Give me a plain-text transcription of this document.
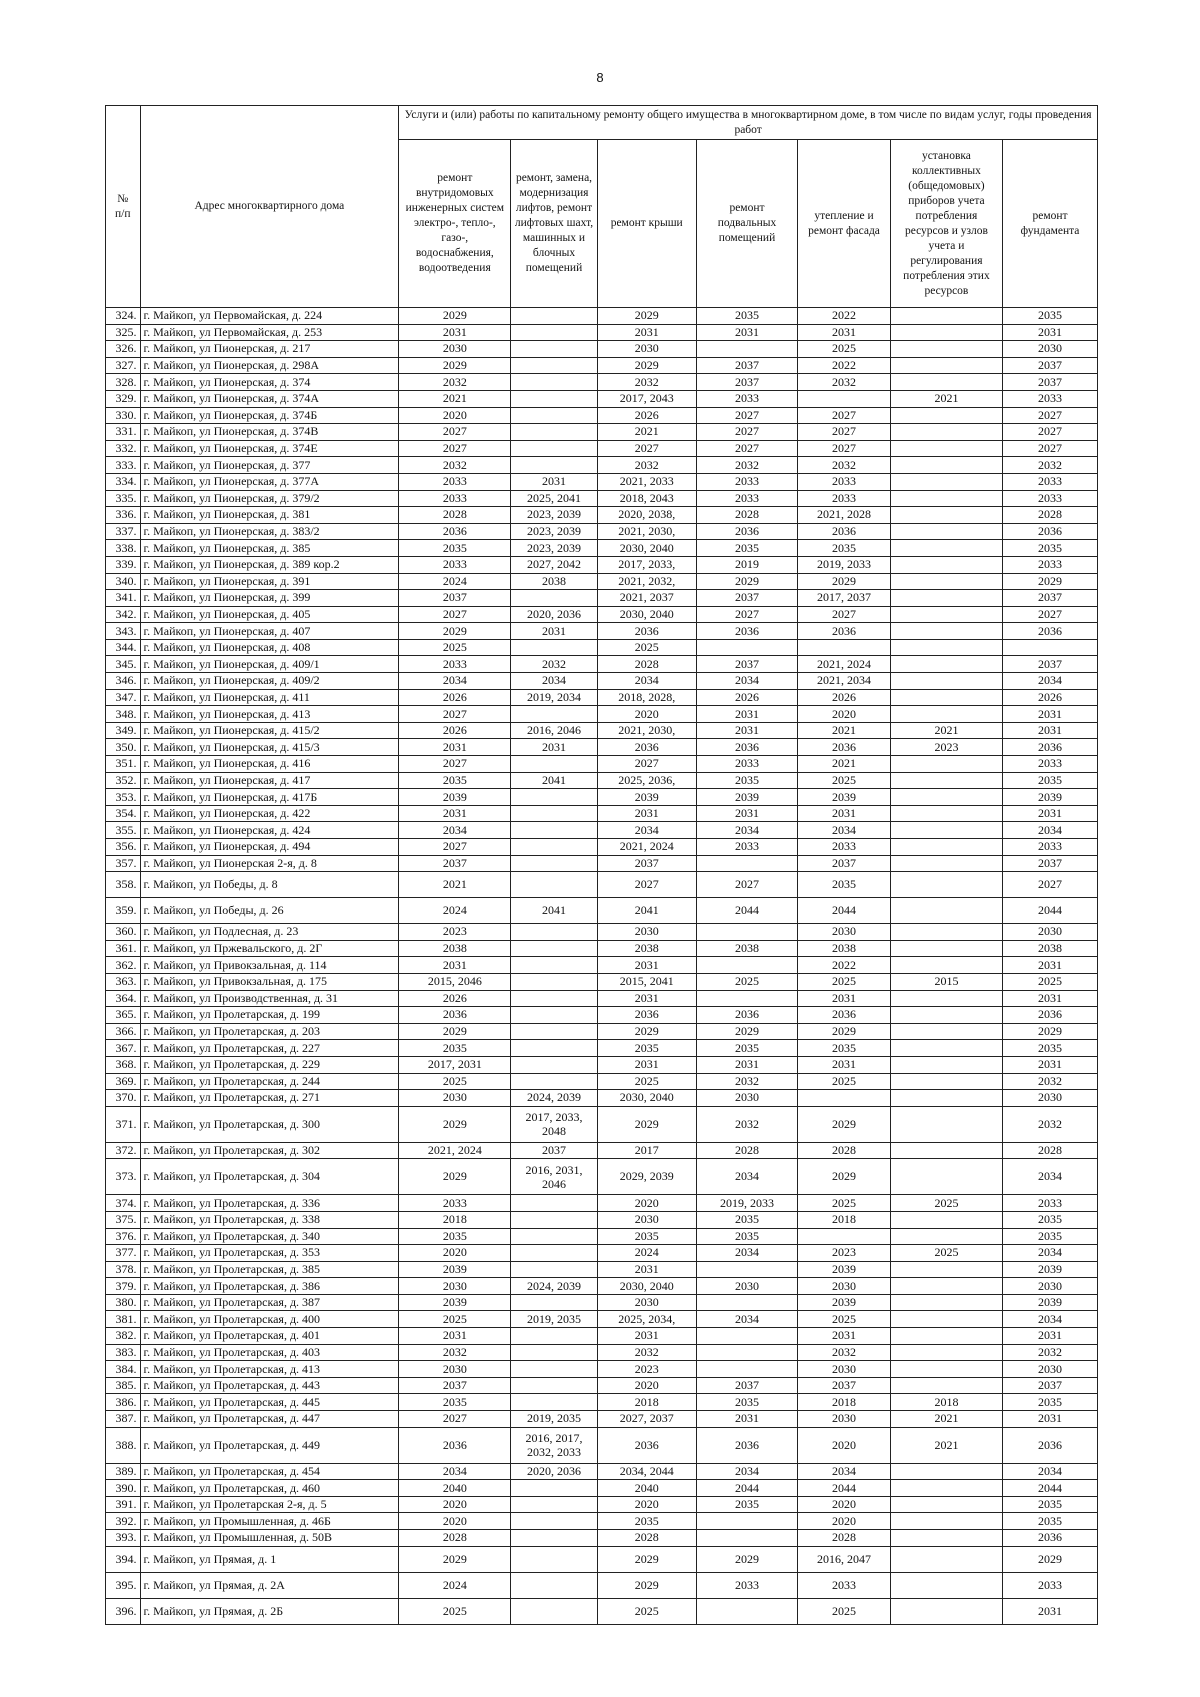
8
№
п/п	Адрес многоквартирного дома	Услуги и (или) работы по капитальному ремонту общего имущества в многоквартирном доме, в том числе по видам услуг, годы проведения работ						
		ремонт внутридомовых инженерных систем электро-, тепло-, газо-, водоснабжения, водоотведения	ремонт, замена, модернизация лифтов, ремонт лифтовых шахт, машинных и блочных помещений	ремонт крыши	ремонт подвальных помещений	утепление и ремонт фасада	установка коллективных (общедомовых) приборов учета потребления ресурсов и узлов учета и регулирования потребления этих ресурсов	ремонт фундамента
324.	г. Майкоп, ул Первомайская, д. 224	2029		2029	2035	2022		2035
325.	г. Майкоп, ул Первомайская, д. 253	2031		2031	2031	2031		2031
326.	г. Майкоп, ул Пионерская, д. 217	2030		2030		2025		2030
327.	г. Майкоп, ул Пионерская, д. 298А	2029		2029	2037	2022		2037
328.	г. Майкоп, ул Пионерская, д. 374	2032		2032	2037	2032		2037
329.	г. Майкоп, ул Пионерская, д. 374А	2021		2017, 2043	2033		2021	2033
330.	г. Майкоп, ул Пионерская, д. 374Б	2020		2026	2027	2027		2027
331.	г. Майкоп, ул Пионерская, д. 374В	2027		2021	2027	2027		2027
332.	г. Майкоп, ул Пионерская, д. 374Е	2027		2027	2027	2027		2027
333.	г. Майкоп, ул Пионерская, д. 377	2032		2032	2032	2032		2032
334.	г. Майкоп, ул Пионерская, д. 377А	2033	2031	2021, 2033	2033	2033		2033
335.	г. Майкоп, ул Пионерская, д. 379/2	2033	2025, 2041	2018, 2043	2033	2033		2033
336.	г. Майкоп, ул Пионерская, д. 381	2028	2023, 2039	2020, 2038,	2028	2021, 2028		2028
337.	г. Майкоп, ул Пионерская, д. 383/2	2036	2023, 2039	2021, 2030,	2036	2036		2036
338.	г. Майкоп, ул Пионерская, д. 385	2035	2023, 2039	2030, 2040	2035	2035		2035
339.	г. Майкоп, ул Пионерская, д. 389 кор.2	2033	2027, 2042	2017, 2033,	2019	2019, 2033		2033
340.	г. Майкоп, ул Пионерская, д. 391	2024	2038	2021, 2032,	2029	2029		2029
341.	г. Майкоп, ул Пионерская, д. 399	2037		2021, 2037	2037	2017, 2037		2037
342.	г. Майкоп, ул Пионерская, д. 405	2027	2020, 2036	2030, 2040	2027	2027		2027
343.	г. Майкоп, ул Пионерская, д. 407	2029	2031	2036	2036	2036		2036
344.	г. Майкоп, ул Пионерская, д. 408	2025		2025				
345.	г. Майкоп, ул Пионерская, д. 409/1	2033	2032	2028	2037	2021, 2024		2037
346.	г. Майкоп, ул Пионерская, д. 409/2	2034	2034	2034	2034	2021, 2034		2034
347.	г. Майкоп, ул Пионерская, д. 411	2026	2019, 2034	2018, 2028,	2026	2026		2026
348.	г. Майкоп, ул Пионерская, д. 413	2027		2020	2031	2020		2031
349.	г. Майкоп, ул Пионерская, д. 415/2	2026	2016, 2046	2021, 2030,	2031	2021	2021	2031
350.	г. Майкоп, ул Пионерская, д. 415/3	2031	2031	2036	2036	2036	2023	2036
351.	г. Майкоп, ул Пионерская, д. 416	2027		2027	2033	2021		2033
352.	г. Майкоп, ул Пионерская, д. 417	2035	2041	2025, 2036,	2035	2025		2035
353.	г. Майкоп, ул Пионерская, д. 417Б	2039		2039	2039	2039		2039
354.	г. Майкоп, ул Пионерская, д. 422	2031		2031	2031	2031		2031
355.	г. Майкоп, ул Пионерская, д. 424	2034		2034	2034	2034		2034
356.	г. Майкоп, ул Пионерская, д. 494	2027		2021, 2024	2033	2033		2033
357.	г. Майкоп, ул Пионерская 2-я, д. 8	2037		2037		2037		2037
358.	г. Майкоп, ул Победы, д. 8	2021		2027	2027	2035		2027
359.	г. Майкоп, ул Победы, д. 26	2024	2041	2041	2044	2044		2044
360.	г. Майкоп, ул Подлесная, д. 23	2023		2030		2030		2030
361.	г. Майкоп, ул Пржевальского, д. 2Г	2038		2038	2038	2038		2038
362.	г. Майкоп, ул Привокзальная, д. 114	2031		2031		2022		2031
363.	г. Майкоп, ул Привокзальная, д. 175	2015, 2046		2015, 2041	2025	2025	2015	2025
364.	г. Майкоп, ул Производственная, д. 31	2026		2031		2031		2031
365.	г. Майкоп, ул Пролетарская, д. 199	2036		2036	2036	2036		2036
366.	г. Майкоп, ул Пролетарская, д. 203	2029		2029	2029	2029		2029
367.	г. Майкоп, ул Пролетарская, д. 227	2035		2035	2035	2035		2035
368.	г. Майкоп, ул Пролетарская, д. 229	2017, 2031		2031	2031	2031		2031
369.	г. Майкоп, ул Пролетарская, д. 244	2025		2025	2032	2025		2032
370.	г. Майкоп, ул Пролетарская, д. 271	2030	2024, 2039	2030, 2040	2030			2030
371.	г. Майкоп, ул Пролетарская, д. 300	2029	2017, 2033, 2048	2029	2032	2029		2032
372.	г. Майкоп, ул Пролетарская, д. 302	2021, 2024	2037	2017	2028	2028		2028
373.	г. Майкоп, ул Пролетарская, д. 304	2029	2016, 2031, 2046	2029, 2039	2034	2029		2034
374.	г. Майкоп, ул Пролетарская, д. 336	2033		2020	2019, 2033	2025	2025	2033
375.	г. Майкоп, ул Пролетарская, д. 338	2018		2030	2035	2018		2035
376.	г. Майкоп, ул Пролетарская, д. 340	2035		2035	2035			2035
377.	г. Майкоп, ул Пролетарская, д. 353	2020		2024	2034	2023	2025	2034
378.	г. Майкоп, ул Пролетарская, д. 385	2039		2031		2039		2039
379.	г. Майкоп, ул Пролетарская, д. 386	2030	2024, 2039	2030, 2040	2030	2030		2030
380.	г. Майкоп, ул Пролетарская, д. 387	2039		2030		2039		2039
381.	г. Майкоп, ул Пролетарская, д. 400	2025	2019, 2035	2025, 2034,	2034	2025		2034
382.	г. Майкоп, ул Пролетарская, д. 401	2031		2031		2031		2031
383.	г. Майкоп, ул Пролетарская, д. 403	2032		2032		2032		2032
384.	г. Майкоп, ул Пролетарская, д. 413	2030		2023		2030		2030
385.	г. Майкоп, ул Пролетарская, д. 443	2037		2020	2037	2037		2037
386.	г. Майкоп, ул Пролетарская, д. 445	2035		2018	2035	2018	2018	2035
387.	г. Майкоп, ул Пролетарская, д. 447	2027	2019, 2035	2027, 2037	2031	2030	2021	2031
388.	г. Майкоп, ул Пролетарская, д. 449	2036	2016, 2017, 2032, 2033	2036	2036	2020	2021	2036
389.	г. Майкоп, ул Пролетарская, д. 454	2034	2020, 2036	2034, 2044	2034	2034		2034
390.	г. Майкоп, ул Пролетарская, д. 460	2040		2040	2044	2044		2044
391.	г. Майкоп, ул Пролетарская 2-я, д. 5	2020		2020	2035	2020		2035
392.	г. Майкоп, ул Промышленная, д. 46Б	2020		2035		2020		2035
393.	г. Майкоп, ул Промышленная, д. 50В	2028		2028		2028		2036
394.	г. Майкоп, ул Прямая, д. 1	2029		2029	2029	2016, 2047		2029
395.	г. Майкоп, ул Прямая, д. 2А	2024		2029	2033	2033		2033
396.	г. Майкоп, ул Прямая, д. 2Б	2025		2025		2025		2031
